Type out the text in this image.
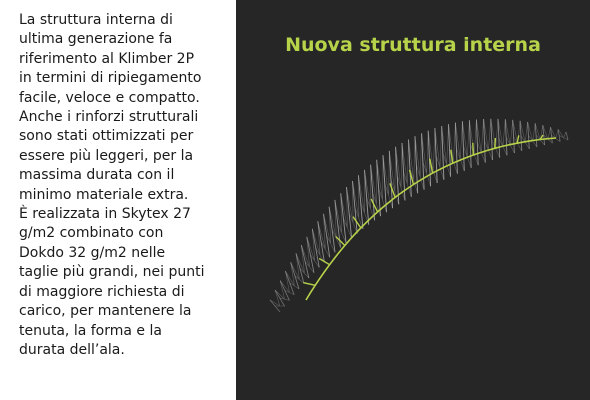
La struttura interna di
ultima generazione fa
riferimento al Klimber 2P
in termini di ripiegamento
facile, veloce e compatto.
Anche i rinforzi strutturali
sono stati ottimizzati per
essere più leggeri, per la
massima durata con il
minimo materiale extra.
È realizzata in Skytex 27
g/m2 combinato con
Dokdo 32 g/m2 nelle
taglie più grandi, nei punti
di maggiore richiesta di
carico, per mantenere la
tenuta, la forma e la
durata dell’ala.

Nuova struttura interna
